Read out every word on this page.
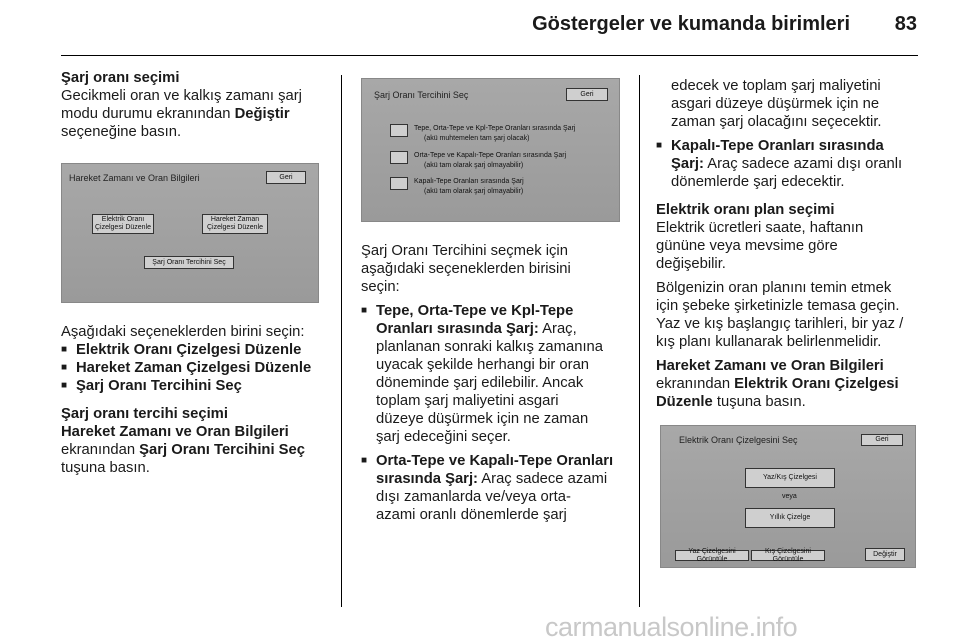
Göstergeler ve kumanda birimleri 83

Şarj oranı seçimi

Gecikmeli oran ve kalkış zamanı şarj

modu durumu ekranından Değiştir

seçeneğine basın.

Hareket Zamanı ve Oran Bilgileri	Geri
Elektrik Oranı Çizelgesi Düzenle
Hareket Zaman Çizelgesi Düzenle
Şarj Oranı Tercihini Seç

Aşağıdaki seçeneklerden birini seçin:

■ Elektrik Oranı Çizelgesi Düzenle

■ Hareket Zaman Çizelgesi Düzenle

■ Şarj Oranı Tercihini Seç

Şarj oranı tercihi seçimi

Hareket Zamanı ve Oran Bilgileri

ekranından Şarj Oranı Tercihini Seç

tuşuna basın.

Şarj Oranı Tercihini Seç	Geri
Tepe, Orta-Tepe ve Kpl-Tepe Oranları sırasında Şarj
(akü muhtemelen tam şarj olacak)
Orta-Tepe ve Kapalı-Tepe Oranları sırasında Şarj
(akü tam olarak şarj olmayabilir)
Kapalı-Tepe Oranları sırasında Şarj
(akü tam olarak şarj olmayabilir)

Şarj Oranı Tercihini seçmek için

aşağıdaki seçeneklerden birisini

seçin:

■ Tepe, Orta-Tepe ve Kpl-Tepe

Oranları sırasında Şarj: Araç,

planlanan sonraki kalkış zamanına

uyacak şekilde herhangi bir oran

döneminde şarj edilebilir. Ancak

toplam şarj maliyetini asgari

düzeye düşürmek için ne zaman

şarj edeceğini seçer.

■ Orta-Tepe ve Kapalı-Tepe Oranları

sırasında Şarj: Araç sadece azami

dışı zamanlarda ve/veya orta-

azami oranlı dönemlerde şarj

edecek ve toplam şarj maliyetini

asgari düzeye düşürmek için ne

zaman şarj olacağını seçecektir.

■ Kapalı-Tepe Oranları sırasında

Şarj: Araç sadece azami dışı oranlı

dönemlerde şarj edecektir.

Elektrik oranı plan seçimi

Elektrik ücretleri saate, haftanın

gününe veya mevsime göre

değişebilir.

Bölgenizin oran planını temin etmek

için şebeke şirketinizle temasa geçin.

Yaz ve kış başlangıç tarihleri, bir yaz /

kış planı kullanarak belirlenmelidir.

Hareket Zamanı ve Oran Bilgileri

ekranından Elektrik Oranı Çizelgesi

Düzenle tuşuna basın.

Elektrik Oranı Çizelgesini Seç	Geri
Yaz/Kış Çizelgesi
veya
Yıllık Çizelge
Yaz Çizelgesini Görüntüle
Kış Çizelgesini Görüntüle
Değiştir
carmanualsonline.info
